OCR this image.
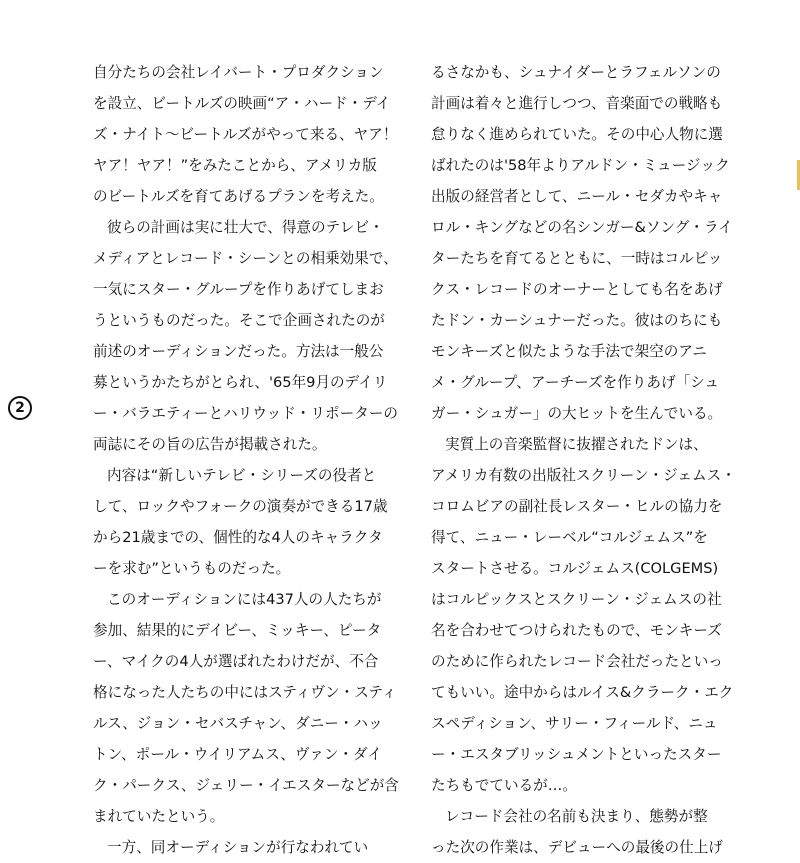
2
自分たちの会社レイバート・プロダクション
を設立、ビートルズの映画“ア・ハード・デイ
ズ・ナイト〜ビートルズがやって来る、ヤア！
ヤア！ヤア！”をみたことから、アメリカ版
のビートルズを育てあげるプランを考えた。
彼らの計画は実に壮大で、得意のテレビ・
メディアとレコード・シーンとの相乗効果で、
一気にスター・グループを作りあげてしまお
うというものだった。そこで企画されたのが
前述のオーディションだった。方法は一般公
募というかたちがとられ、'65年9月のデイリ
ー・バラエティーとハリウッド・リポーターの
両誌にその旨の広告が掲載された。
内容は“新しいテレビ・シリーズの役者と
して、ロックやフォークの演奏ができる17歳
から21歳までの、個性的な4人のキャラクタ
ーを求む”というものだった。
このオーディションには437人の人たちが
参加、結果的にデイビー、ミッキー、ピータ
ー、マイクの4人が選ばれたわけだが、不合
格になった人たちの中にはスティヴン・スティ
ルス、ジョン・セバスチャン、ダニー・ハッ
トン、ポール・ウイリアムス、ヴァン・ダイ
ク・パークス、ジェリー・イエスターなどが含
まれていたという。
一方、同オーディションが行なわれてい
るさなかも、シュナイダーとラフェルソンの
計画は着々と進行しつつ、音楽面での戦略も
怠りなく進められていた。その中心人物に選
ばれたのは'58年よりアルドン・ミュージック
出版の経営者として、ニール・セダカやキャ
ロル・キングなどの名シンガー&ソング・ライ
ターたちを育てるとともに、一時はコルピッ
クス・レコードのオーナーとしても名をあげ
たドン・カーシュナーだった。彼はのちにも
モンキーズと似たような手法で架空のアニ
メ・グループ、アーチーズを作りあげ「シュ
ガー・シュガー」の大ヒットを生んでいる。
実質上の音楽監督に抜擢されたドンは、
アメリカ有数の出版社スクリーン・ジェムス・
コロムビアの副社長レスター・ヒルの協力を
得て、ニュー・レーベル“コルジェムス”を
スタートさせる。コルジェムス(COLGEMS)
はコルピックスとスクリーン・ジェムスの社
名を合わせてつけられたもので、モンキーズ
のために作られたレコード会社だったといっ
てもいい。途中からはルイス&クラーク・エク
スペディション、サリー・フィールド、ニュ
ー・エスタブリッシュメントといったスター
たちもでているが…。
レコード会社の名前も決まり、態勢が整
った次の作業は、デビューへの最後の仕上げ
